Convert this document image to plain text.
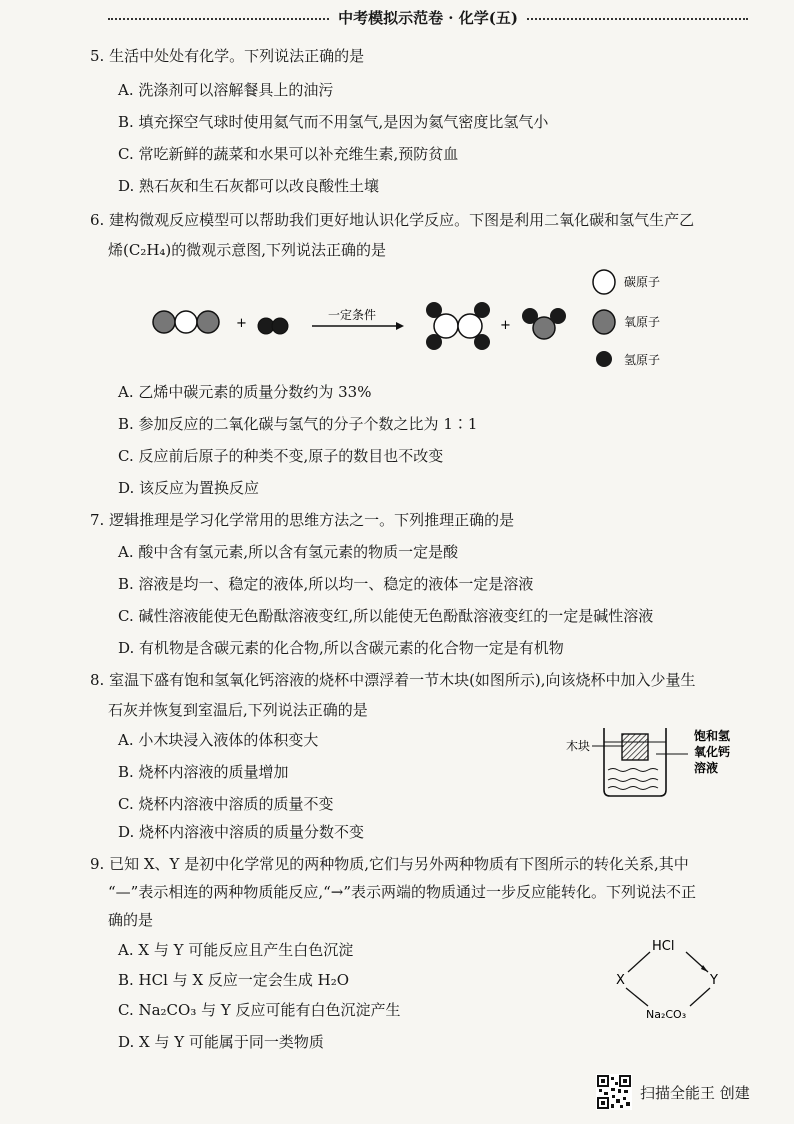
中考模拟示范卷 · 化学(五)
5. 生活中处处有化学。下列说法正确的是
A. 洗涤剂可以溶解餐具上的油污
B. 填充探空气球时使用氦气而不用氢气,是因为氦气密度比氢气小
C. 常吃新鲜的蔬菜和水果可以补充维生素,预防贫血
D. 熟石灰和生石灰都可以改良酸性土壤
6. 建构微观反应模型可以帮助我们更好地认识化学反应。下图是利用二氧化碳和氢气生产乙
烯(C₂H₄)的微观示意图,下列说法正确的是
+
一定条件
+
碳原子
氧原子
氢原子
A. 乙烯中碳元素的质量分数约为 33%
B. 参加反应的二氧化碳与氢气的分子个数之比为 1∶1
C. 反应前后原子的种类不变,原子的数目也不改变
D. 该反应为置换反应
7. 逻辑推理是学习化学常用的思维方法之一。下列推理正确的是
A. 酸中含有氢元素,所以含有氢元素的物质一定是酸
B. 溶液是均一、稳定的液体,所以均一、稳定的液体一定是溶液
C. 碱性溶液能使无色酚酞溶液变红,所以能使无色酚酞溶液变红的一定是碱性溶液
D. 有机物是含碳元素的化合物,所以含碳元素的化合物一定是有机物
8. 室温下盛有饱和氢氧化钙溶液的烧杯中漂浮着一节木块(如图所示),向该烧杯中加入少量生
石灰并恢复到室温后,下列说法正确的是
A. 小木块浸入液体的体积变大
B. 烧杯内溶液的质量增加
C. 烧杯内溶液中溶质的质量不变
D. 烧杯内溶液中溶质的质量分数不变
木块
饱和氢
氧化钙
溶液
9. 已知 X、Y 是初中化学常见的两种物质,它们与另外两种物质有下图所示的转化关系,其中
“—”表示相连的两种物质能反应,“→”表示两端的物质通过一步反应能转化。下列说法不正
确的是
A. X 与 Y 可能反应且产生白色沉淀
B. HCl 与 X 反应一定会生成 H₂O
C. Na₂CO₃ 与 Y 反应可能有白色沉淀产生
D. X 与 Y 可能属于同一类物质
HCl
X	Y
Na₂CO₃
扫描全能王 创建
